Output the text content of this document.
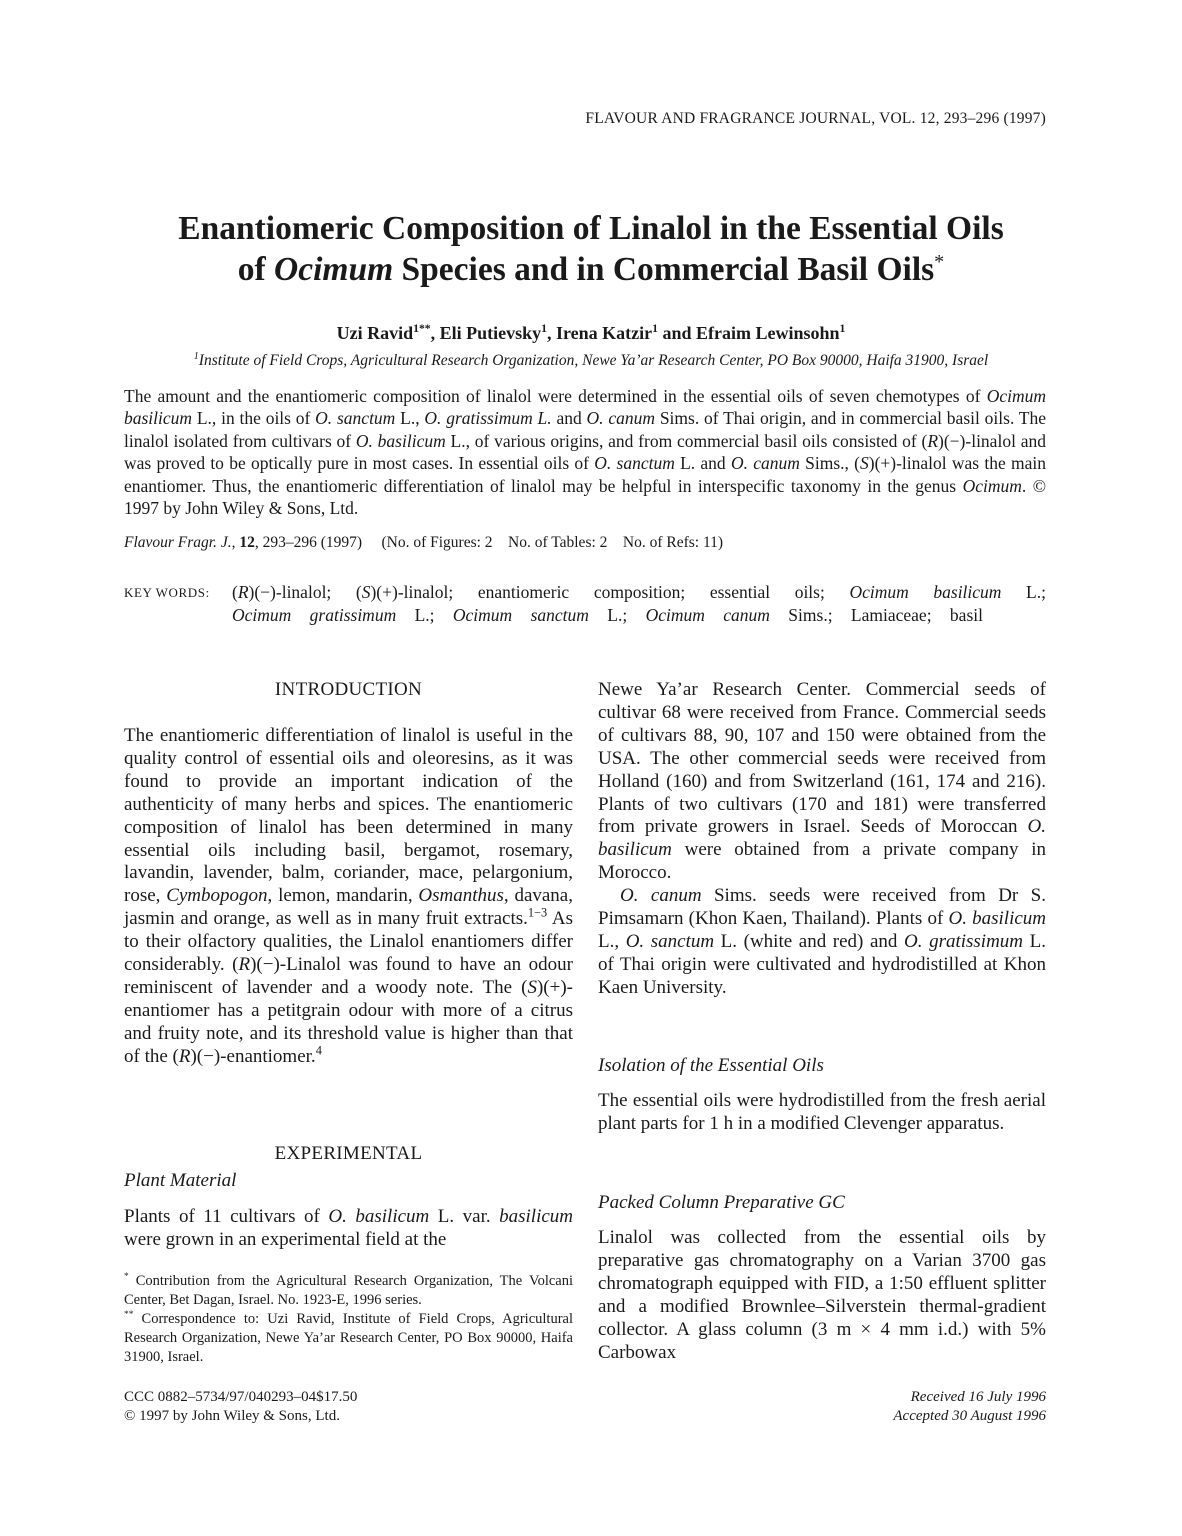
FLAVOUR AND FRAGRANCE JOURNAL, VOL. 12, 293–296 (1997)
Enantiomeric Composition of Linalol in the Essential Oils
of Ocimum Species and in Commercial Basil Oils*
Uzi Ravid$^{1**}$, Eli Putievsky$^1$, Irena Katzir$^1$ and Efraim Lewinsohn$^1$
$^1$Institute of Field Crops, Agricultural Research Organization, Newe Ya’ar Research Center, PO Box 90000, Haifa 31900, Israel
The amount and the enantiomeric composition of linalol were determined in the essential oils of seven chemotypes of Ocimum basilicum L., in the oils of O. sanctum L., O. gratissimum L. and O. canum Sims. of Thai origin, and in commercial basil oils. The linalol isolated from cultivars of O. basilicum L., of various origins, and from commercial basil oils consisted of (R)(−)-linalol and was proved to be optically pure in most cases. In essential oils of O. sanctum L. and O. canum Sims., (S)(+)-linalol was the main enantiomer. Thus, the enantiomeric differentiation of linalol may be helpful in interspecific taxonomy in the genus Ocimum. © 1997 by John Wiley & Sons, Ltd.
Flavour Fragr. J., 12, 293–296 (1997)     (No. of Figures: 2    No. of Tables: 2    No. of Refs: 11)
KEY WORDS: (R)(−)-linalol; (S)(+)-linalol; enantiomeric composition; essential oils; Ocimum basilicum L.; Ocimum gratissimum L.; Ocimum sanctum L.; Ocimum canum Sims.; Lamiaceae; basil
INTRODUCTION

The enantiomeric differentiation of linalol is useful in the quality control of essential oils and oleoresins, as it was found to provide an important indication of the authenticity of many herbs and spices. The enantiomeric composition of linalol has been determined in many essential oils including basil, bergamot, rosemary, lavandin, lavender, balm, coriander, mace, pelargonium, rose, Cymbopogon, lemon, mandarin, Osmanthus, davana, jasmin and orange, as well as in many fruit extracts.$^{1-3}$ As to their olfactory qualities, the Linalol enantiomers differ considerably. (R)(−)-Linalol was found to have an odour reminiscent of lavender and a woody note. The (S)(+)-enantiomer has a petitgrain odour with more of a citrus and fruity note, and its threshold value is higher than that of the (R)(−)-enantiomer.$^4$

EXPERIMENTAL
Plant Material

Plants of 11 cultivars of O. basilicum L. var. basilicum were grown in an experimental field at the

* Contribution from the Agricultural Research Organization, The Volcani Center, Bet Dagan, Israel. No. 1923-E, 1996 series.

** Correspondence to: Uzi Ravid, Institute of Field Crops, Agricultural Research Organization, Newe Ya’ar Research Center, PO Box 90000, Haifa 31900, Israel.

Newe Ya’ar Research Center. Commercial seeds of cultivar 68 were received from France. Commercial seeds of cultivars 88, 90, 107 and 150 were obtained from the USA. The other commercial seeds were received from Holland (160) and from Switzerland (161, 174 and 216). Plants of two cultivars (170 and 181) were transferred from private growers in Israel. Seeds of Moroccan O. basilicum were obtained from a private company in Morocco.

O. canum Sims. seeds were received from Dr S. Pimsamarn (Khon Kaen, Thailand). Plants of O. basilicum L., O. sanctum L. (white and red) and O. gratissimum L. of Thai origin were cultivated and hydrodistilled at Khon Kaen University.

Isolation of the Essential Oils

The essential oils were hydrodistilled from the fresh aerial plant parts for 1 h in a modified Clevenger apparatus.

Packed Column Preparative GC

Linalol was collected from the essential oils by preparative gas chromatography on a Varian 3700 gas chromatograph equipped with FID, a 1:50 effluent splitter and a modified Brownlee–Silverstein thermal-gradient collector. A glass column (3 m × 4 mm i.d.) with 5% Carbowax

CCC 0882–5734/97/040293–04$17.50
© 1997 by John Wiley & Sons, Ltd.
Received 16 July 1996
Accepted 30 August 1996
